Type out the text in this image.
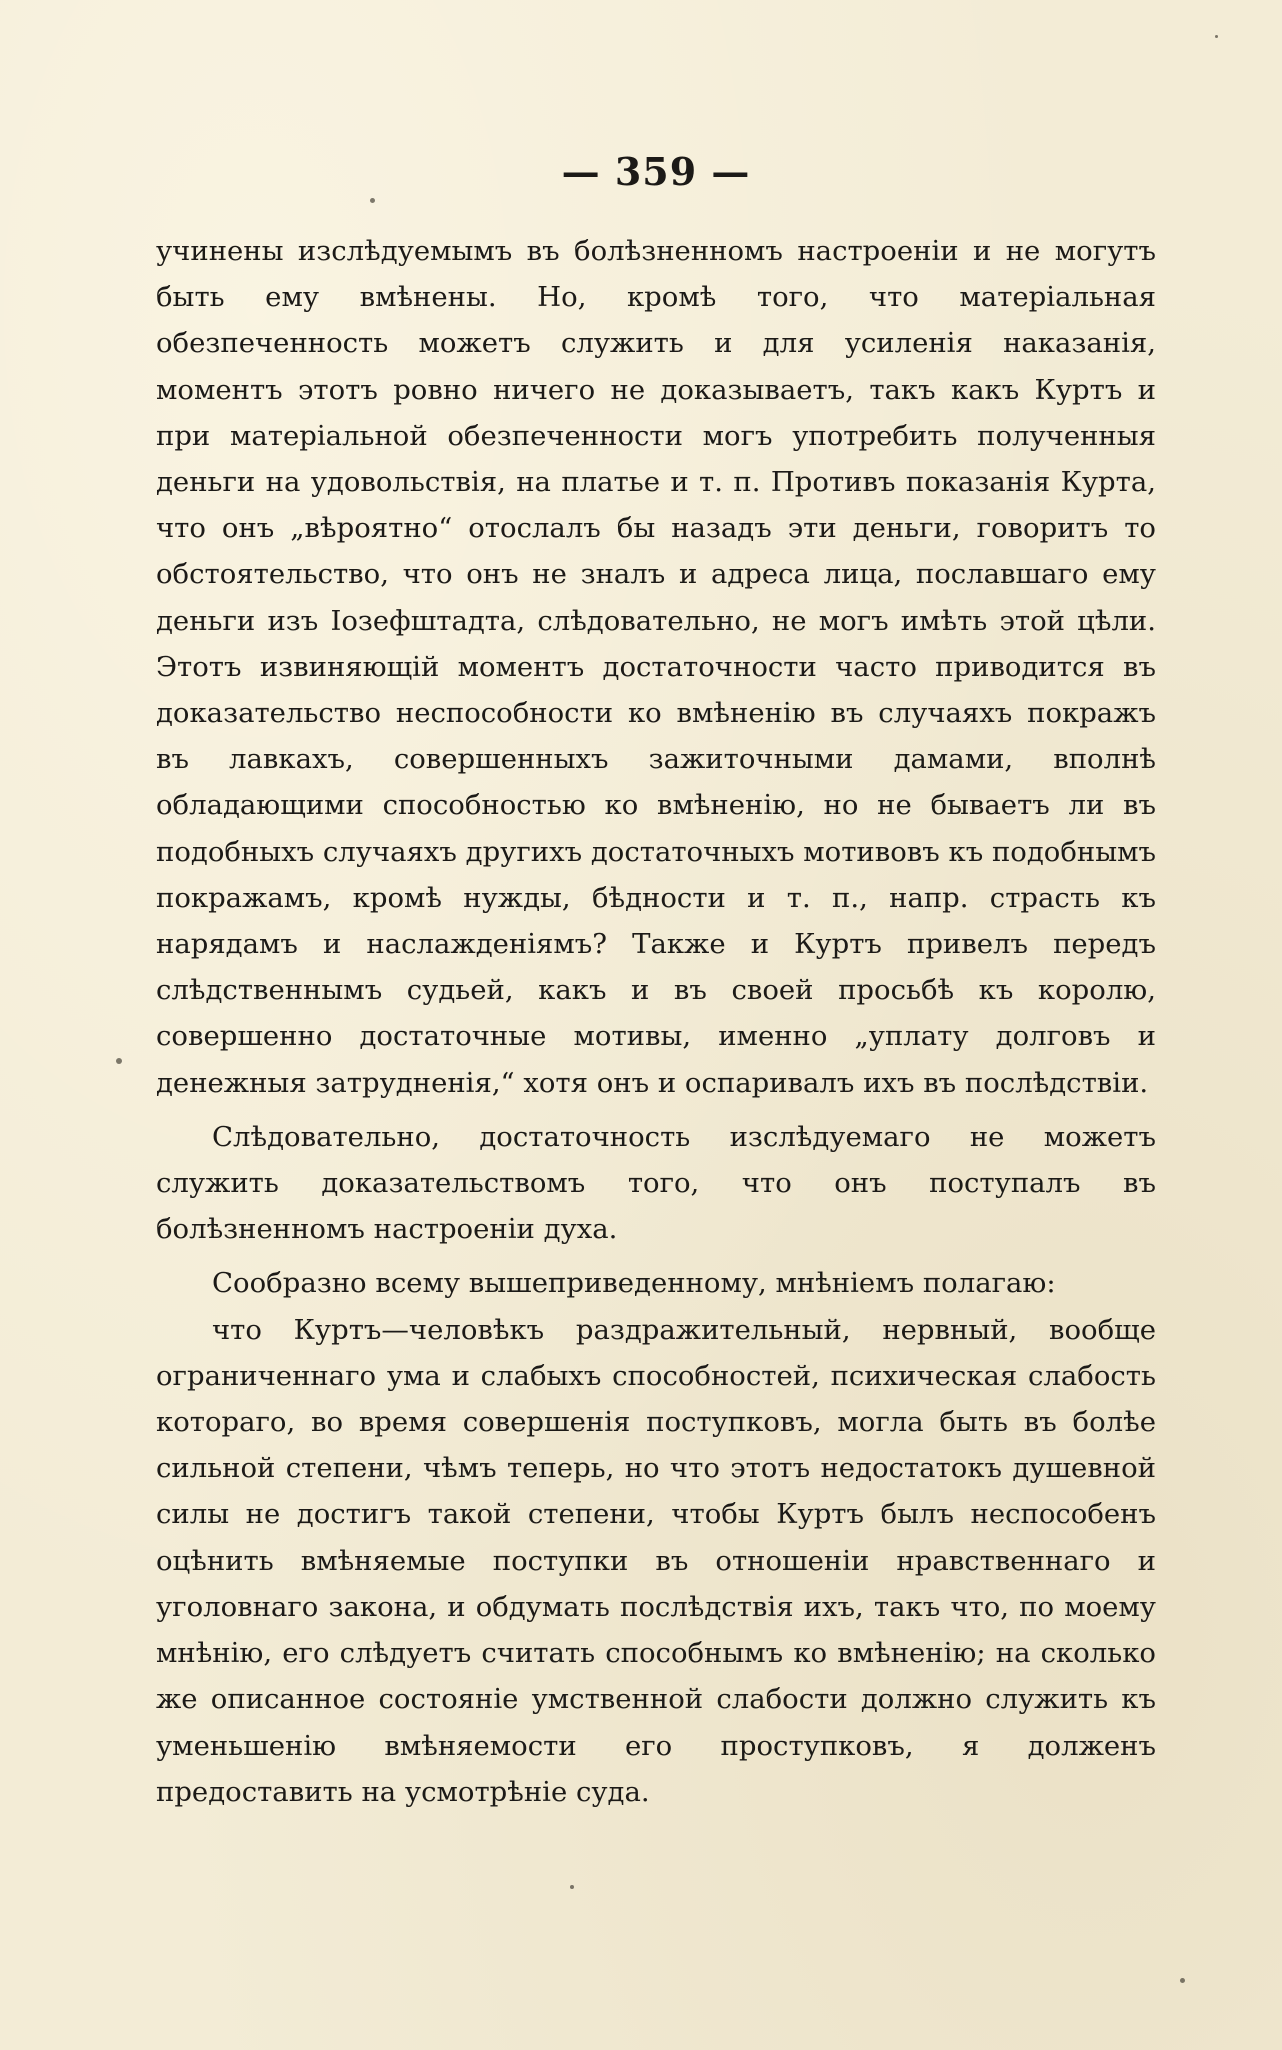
— 359 —

учинены изслѣдуемымъ въ болѣзненномъ настроеніи и не могутъ быть ему вмѣнены. Но, кромѣ того, что матеріальная обезпеченность можетъ служить и для усиленія наказанія, моментъ этотъ ровно ничего не доказываетъ, такъ какъ Куртъ и при матеріальной обезпеченности могъ употребить полученныя деньги на удовольствія, на платье и т. п. Противъ показанія Курта, что онъ „вѣроятно“ отослалъ бы назадъ эти деньги, говоритъ то обстоятельство, что онъ не зналъ и адреса лица, пославшаго ему деньги изъ Іозефштадта, слѣдовательно, не могъ имѣть этой цѣли. Этотъ извиняющій моментъ достаточности часто приводится въ доказательство неспособности ко вмѣненію въ случаяхъ покражъ въ лавкахъ, совершенныхъ зажиточными дамами, вполнѣ обладающими способностью ко вмѣненію, но не бываетъ ли въ подобныхъ случаяхъ другихъ достаточныхъ мотивовъ къ подобнымъ покражамъ, кромѣ нужды, бѣдности и т. п., напр. страсть къ нарядамъ и наслажденіямъ? Также и Куртъ привелъ передъ слѣдственнымъ судьей, какъ и въ своей просьбѣ къ королю, совершенно достаточные мотивы, именно „уплату долговъ и денежныя затрудненія,“ хотя онъ и оспаривалъ ихъ въ послѣдствіи.

Слѣдовательно, достаточность изслѣдуемаго не можетъ служить доказательствомъ того, что онъ поступалъ въ болѣзненномъ настроеніи духа.

Сообразно всему вышеприведенному, мнѣніемъ полагаю:

что Куртъ—человѣкъ раздражительный, нервный, вообще ограниченнаго ума и слабыхъ способностей, психическая слабость котораго, во время совершенія поступковъ, могла быть въ болѣе сильной степени, чѣмъ теперь, но что этотъ недостатокъ душевной силы не достигъ такой степени, чтобы Куртъ былъ неспособенъ оцѣнить вмѣняемые поступки въ отношеніи нравственнаго и уголовнаго закона, и обдумать послѣдствія ихъ, такъ что, по моему мнѣнію, его слѣдуетъ считать способнымъ ко вмѣненію; на сколько же описанное состояніе умственной слабости должно служить къ уменьшенію вмѣняемости его проступковъ, я долженъ предоставить на усмотрѣніе суда.
